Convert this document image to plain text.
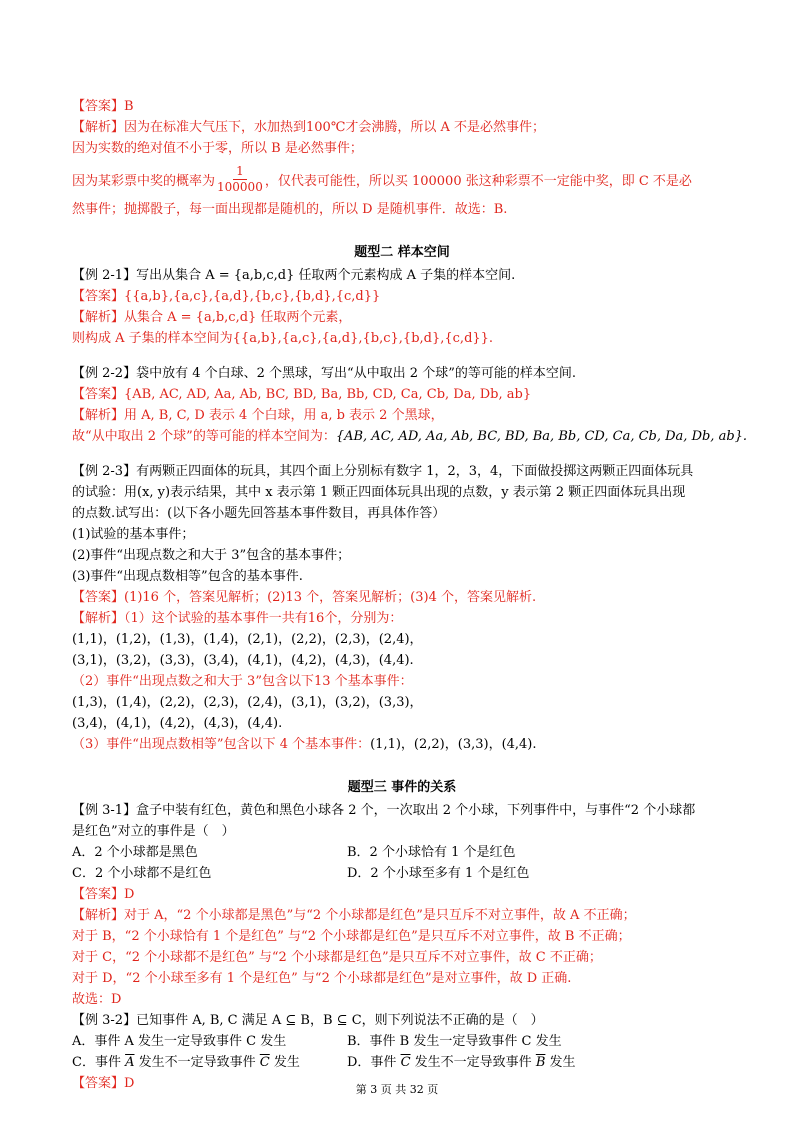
【答案】B
【解析】因为在标准大气压下，水加热到100℃才会沸腾，所以 A 不是必然事件；
因为实数的绝对值不小于零，所以 B 是必然事件；
因为某彩票中奖的概率为 $\frac{1}{100000}$ ，仅代表可能性，所以买 100000 张这种彩票不一定能中奖，即 C 不是必
然事件；抛掷骰子，每一面出现都是随机的，所以 D 是随机事件．故选：B.
题型二 样本空间
【例 2-1】写出从集合 A = {a,b,c,d} 任取两个元素构成 A 子集的样本空间.
【答案】{{a,b},{a,c},{a,d},{b,c},{b,d},{c,d}}
【解析】从集合 A = {a,b,c,d} 任取两个元素，
则构成 A 子集的样本空间为{{a,b},{a,c},{a,d},{b,c},{b,d},{c,d}}.
【例 2-2】袋中放有 4 个白球、2 个黑球，写出“从中取出 2 个球”的等可能的样本空间.
【答案】{AB, AC, AD, Aa, Ab, BC, BD, Ba, Bb, CD, Ca, Cb, Da, Db, ab}
【解析】用 A, B, C, D 表示 4 个白球，用 a, b 表示 2 个黑球，
故“从中取出 2 个球”的等可能的样本空间为：{AB, AC, AD, Aa, Ab, BC, BD, Ba, Bb, CD, Ca, Cb, Da, Db, ab}.
【例 2-3】有两颗正四面体的玩具，其四个面上分别标有数字 1，2，3，4，下面做投掷这两颗正四面体玩具
的试验：用(x, y)表示结果，其中 x 表示第 1 颗正四面体玩具出现的点数，y 表示第 2 颗正四面体玩具出现
的点数.试写出：(以下各小题先回答基本事件数目，再具体作答）
(1)试验的基本事件；
(2)事件“出现点数之和大于 3”包含的基本事件；
(3)事件“出现点数相等”包含的基本事件.
【答案】(1)16 个，答案见解析；(2)13 个，答案见解析；(3)4 个，答案见解析.
【解析】（1）这个试验的基本事件一共有16个，分别为：
(1,1)，(1,2)，(1,3)，(1,4)，(2,1)，(2,2)，(2,3)，(2,4)，
(3,1)，(3,2)，(3,3)，(3,4)，(4,1)，(4,2)，(4,3)，(4,4).
（2）事件“出现点数之和大于 3”包含以下13 个基本事件：
(1,3)，(1,4)，(2,2)，(2,3)，(2,4)，(3,1)，(3,2)，(3,3)，
(3,4)，(4,1)，(4,2)，(4,3)，(4,4).
（3）事件“出现点数相等”包含以下 4 个基本事件：(1,1)，(2,2)，(3,3)，(4,4).
题型三 事件的关系
【例 3-1】盒子中装有红色，黄色和黑色小球各 2 个，一次取出 2 个小球，下列事件中，与事件“2 个小球都
是红色”对立的事件是（　）
A．2 个小球都是黑色	B．2 个小球恰有 1 个是红色
C．2 个小球都不是红色	D．2 个小球至多有 1 个是红色
【答案】D
【解析】对于 A，“2 个小球都是黑色”与“2 个小球都是红色”是只互斥不对立事件，故 A 不正确；
对于 B，“2 个小球恰有 1 个是红色” 与“2 个小球都是红色”是只互斥不对立事件，故 B 不正确；
对于 C，“2 个小球都不是红色” 与“2 个小球都是红色”是只互斥不对立事件，故 C 不正确；
对于 D，“2 个小球至多有 1 个是红色” 与“2 个小球都是红色”是对立事件，故 D 正确.
故选：D
【例 3-2】已知事件 A, B, C 满足 A ⊆ B，B ⊆ C，则下列说法不正确的是（　）
A．事件 A 发生一定导致事件 C 发生	B．事件 B 发生一定导致事件 C 发生
C．事件 $\overline{A}$ 发生不一定导致事件 $\overline{C}$ 发生	D．事件 $\overline{C}$ 发生不一定导致事件 $\overline{B}$ 发生
【答案】D	第 3 页 共 32 页
